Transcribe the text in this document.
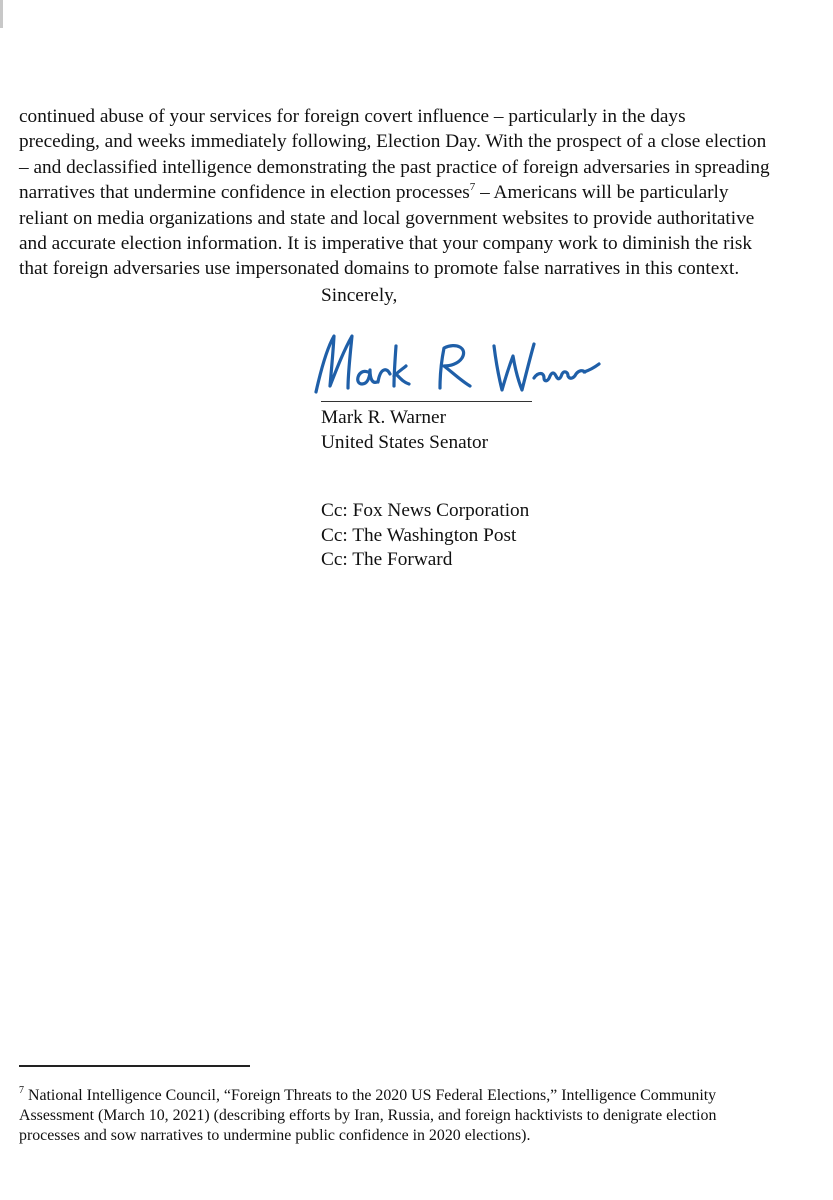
continued abuse of your services for foreign covert influence – particularly in the days
preceding, and weeks immediately following, Election Day. With the prospect of a close election
– and declassified intelligence demonstrating the past practice of foreign adversaries in spreading
narratives that undermine confidence in election processes$^7$ – Americans will be particularly
reliant on media organizations and state and local government websites to provide authoritative
and accurate election information. It is imperative that your company work to diminish the risk
that foreign adversaries use impersonated domains to promote false narratives in this context.

Sincerely,

Mark R. Warner
United States Senator
Cc: Fox News Corporation
Cc: The Washington Post
Cc: The Forward

$^7$ National Intelligence Council, “Foreign Threats to the 2020 US Federal Elections,” Intelligence Community
Assessment (March 10, 2021) (describing efforts by Iran, Russia, and foreign hacktivists to denigrate election
processes and sow narratives to undermine public confidence in 2020 elections).
